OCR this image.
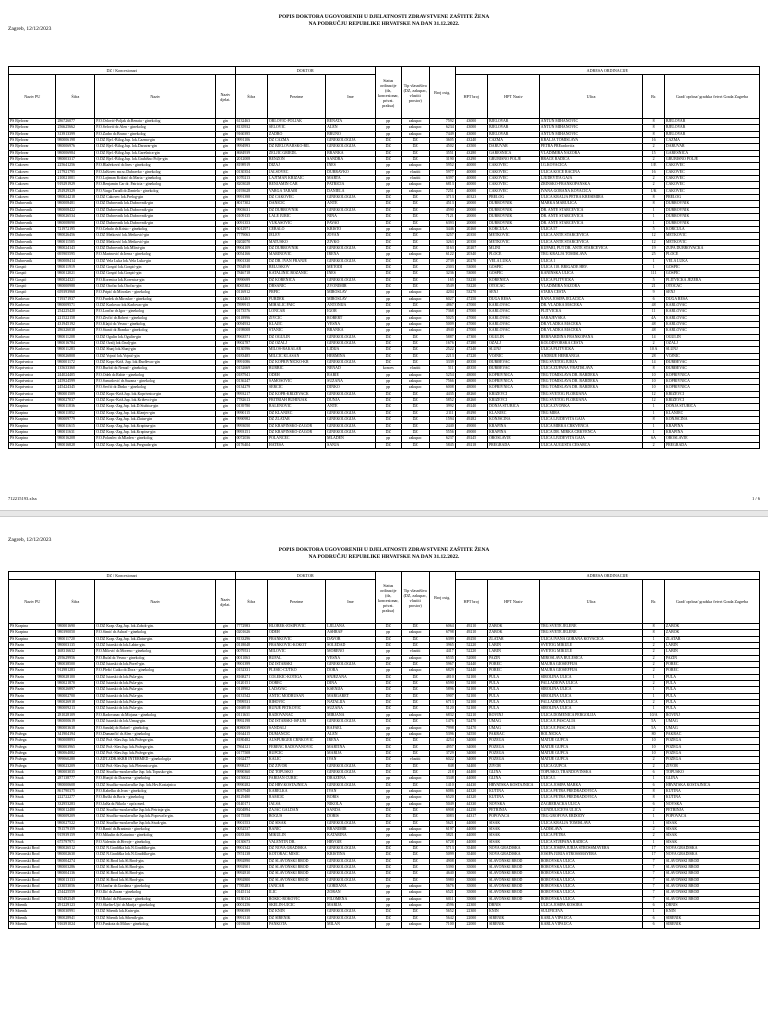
Zagreb, 12/12/2023
POPIS DOKTORA UGOVORENIH U DJELATNOSTI ZDRAVSTVENE ZAŠTITE ŽENA
NA PODRUČJU REPUBLIKE HRVATSKE NA DAN 31.12.2022.
DZ / Koncesionari				DOKTOR			Status ordinacije (dz, koncesionar, privat. praksa)	Tip vlasništva (DZ, zakupac, vlastiti prostor)	Broj osig.	ADRESA ORDINACIJE				
Naziv PU	Šifra	Naziv	Naziv djelat.	Šifra	Prezime	Ime				HPT broj	HPT Naziv	Ulica	Br.	Grad/ općina/ gradska četvrt Grada Zagreba
PS Bjelovar	286726077	P.O.Orlović-Poljak dr.Renata - ginekolog	gin	6132463	ORLOVIĆ-POLJAK	RENATA	pp	zakupac	7592	43000	BJELOVAR	ANTUN MIHANOVIĆ	8	BJELOVAR
PS Bjelovar	256625662	P.O.Selović dr.Alen - ginekolog	gin	8135932	SELOVIĆ	ALEN	pp	zakupac	6234	43000	BJELOVAR	ANTUN MIHANOVIĆ	8	BJELOVAR
PS Bjelovar	313913399	P.O.Zadro dr.Bruno - ginekolog	gin	9160395	ZADRO	BRUNO	pp	zakupac	7449	43000	BJELOVAR	ANTUN MIHANOVIĆ	8	BJELOVAR
PS Bjelovar	980006198	O.DZ Bjel.-Bilog.Jup. lok.Čazma-gin	gin	9991106	DZ ČAZMA	GINEKOLOGIJA	DZ	DZ	3605	43240	ČAZMA	KRALJA TOMISLAVA	16	ČAZMA
PS Bjelovar	980006976	O.DZ Bjel.-Bilog.Jup. lok.Daruvar-gin	gin	9994993	DZ BJELOVARSKO-BIL	GINEKOLOGIJA	DZ	DZ	4502	43500	DARUVAR	PETRA PREradovića	2	DARUVAR
PS Bjelovar	980006984	O.DZ Bjel.-Bilog.Jup. lok.Garešnica-gin	gin	8684939	ZELJIĆ GRIEDL	BRANKA	DZ	DZ	3551	43280	GAREŠNICA	VLADIMIRA NAZORA	15	GAREŠNICA
PS Bjelovar	980003317	O.DZ Bjel.-Bilog.Jup. lok.Grubišno Polje-gin	gin	2012008	BENZON	SANDRA	DZ	DZ	3190	43290	GRUBIŠNO POLJE	BRAĆE RADIĆA	2	GRUBIŠNO POLJE
PS Čakovec	225641256	P.O.Blažeković dr.Ines - ginekolog	gin	8198919	DIZAJ	INES	pp	zakupac	5952	40000	ČAKOVEC	I.G.KOVAČIĆA	1/E	ČAKOVEC
PS Čakovec	217921795	P.O.Jalšovec mr.sc.Dubravko - ginekolog	gin	0130354	JALŠOVEC	DUBRAVKO	pp	vlastiti	5977	40000	ČAKOVEC	ULICA KOCE RACINA	16	ČAKOVEC
PS Čakovec	210021001	P.O.Lajtman Križaić dr.Marta - ginekolog	gin	1070213	LAJTMAN KRIŽAIĆ	MARTA	pp	vlastiti	6397	40000	ČAKOVEC	LJUDEVITA GAJA	2	ČAKOVEC
PS Čakovec	919291929	P.O.Benjamin Car dr. Patricia - ginekolog	gin	8203028	BENJAMIN CAR	PATRICIA	pp	zakupac	6813	40000	ČAKOVEC	ZRINSKO-FRANKOPANSKA	2	ČAKOVEC
PS Čakovec	292929329	P.O.Varga Tarađi dr.Daniela - ginekolog	gin	0193628	VARGA TARAĐI	DANIELA	pp	zakupac	7251	40000	ČAKOVEC	IVANA GORANA KOVAČIĆA	1/K	ČAKOVEC
PS Čakovec	980024218	O.DZ Čakovec lok.Prelog-gin	gin	9991398	DZ ČAKOVEC	GINEKOLOGIJA	DZ	DZ	3713	40323	PRELOG	ULICA KRALJA PETRA KREŠIMIRA	8	PRELOG
PS Dubrovnik	980008481	O.DZ Dubrovnik lok.Dubrovnik-gin	gin	8017302	DANIČIĆ	ANTE	DZ	DZ	4513	20000	DUBROVNIK	MARKA MARULIĆA	8	DUBROVNIK
PS Dubrovnik	980008422	O.DZ Dubrovnik lok.Dubrovnik-gin	gin	9903631	DZ DUBROVNIK	GINEKOLOGIJA	DZ	DZ	4590	20000	DUBROVNIK	DR. ANTE STARČEVIĆA	1	DUBROVNIK
PS Dubrovnik	980026534	O.DZ Dubrovnik lok.Dubrovnik-gin	gin	0109135	LALE JURIĆ	NINA	DZ	DZ	7121	20000	DUBROVNIK	DR. ANTE STARČEVIĆA	1	DUBROVNIK
PS Dubrovnik	980008090	O.DZ Dubrovnik lok.Dubrovnik-gin	gin	0091353	VUKASOVIĆ	PAVAO	DZ	DZ	6393	20000	DUBROVNIK	DR. ANTE STARČEVIĆA	1	DUBROVNIK
PS Dubrovnik	721972195	P.O.Cebalo dr.Kristo - ginekolog	gin	6012971	ČEBALO	KRISTO	pp	zakupac	3446	20260	KORČULA	ULICA 57	5	KORČULA
PS Dubrovnik	980026456	O.DZ Metković lok.Metković-gin	gin	7779063	JELEV	JOVAN	DZ	DZ	3257	20350	METKOVIĆ	ULICA ANTE STARČEVIĆA	12	METKOVIĆ
PS Dubrovnik	980011505	O.DZ Metković lok.Metković-gin	gin	0202070	MATUŠKO	ZIVKO	DZ	DZ	3263	20350	METKOVIĆ	ULICA ANTE STARČEVIĆA	12	METKOVIĆ
PS Dubrovnik	980024143	O.DZ Dubrovnik lok.Mlini-gin	gin	9904109	DZ DUBROVNIK	GINEKOLOGIJA	DZ	DZ	3163	20207	MLINI	KUPARI, PUT DR. ANTE STARČEVIĆA	19	ŽUPA DUBROVAČKA
PS Dubrovnik	695905595	P.O.Marinović dr.Irena - ginekolog	gin	0054166	MARINOVIĆ	IRENA	pp	zakupac	6122	20340	PLOČE	TRG KRALJA TOMISLAVA	25	PLOČE
PS Dubrovnik	980008414	O.DZ Vela Luka lok.Vela Luka-gin	gin	9901330	DZ DR. IVAN FRANJE	GINEKOLOGIJA	DZ	DZ	2739	20270	VELA LUKA	ULICA 1	1	VELA LUKA
PS Gospić	980011919	O.DZ Gospić lok.Gospić-gin	gin	7834918	BELUŠKOV	METODI	DZ	DZ	2303	53000	GOSPIĆ	ULICA 118. BRIGADE HRV.	1	GOSPIĆ
PS Gospić	980012021	O.DZ Gospić lok.Gospić-gin	gin	7846718	KATALINIĆ BOŽANIĆ	INES	DZ	DZ	3236	53000	GOSPIĆ	KANINSKA ULICA	111	GOSPIĆ
PS Gospić	980024321	P.O.Korenica lok.Korenica-gin	gin	9990699	DZ KORENICA	GINEKOLOGIJA	DZ	DZ	165	53230	KORENICA	ULICA PLITVIČKA	5	PLITVIČKA JEZERA
PS Gospić	980000988	O.DZ Otočac lok.Otočac-gin	gin	8065302	DRŠANIĆ	ZVONIMIR	DZ	DZ	3549	53220	OTOČAC	VLADIMIRA NAZORA	21	OTOČAC
PS Gospić	659393968	P.O.Pripić dr.Miroslav - ginekolog	gin	0116912	PRPIĆ	MIROSLAV	pp	zakupac	4204	53270	SENJ	STARA CESTA	9	SENJ
PS Karlovac	719371937	P.O.Furdek dr.Miroslav - ginekolog	gin	0024463	FURDEK	MIROSLAV	pp	zakupac	6027	47250	DUGA RESA	BANA JOSIPA JELAČIĆA	6	DUGA RESA
PS Karlovac	980009571	O.DZ Karlovac lok.Karlovac-gin	gin	7899915	MIHALIĆ PAIĆ	ANTONIJA	DZ	DZ	4867	47000	KARLOVAC	DR. VLADKA MAČEKA	48	KARLOVAC
PS Karlovac	254225420	P.O.Lončar dr.Igor - ginekolog	gin	0173576	LONČAR	IGOR	pp	zakupac	7368	47000	KARLOVAC	PLITVIČKA	11	KARLOVAC
PS Karlovac	221522158	P.O.Živčić dr.Robert - ginekolog	gin	0118996	ŽIVČIĆ	ROBERT	pp	zakupac	5025	47000	KARLOVAC	SARAJEVSKA	4A	KARLOVAC
PS Karlovac	431945192	P.O.Klajić dr.Vesna - ginekolog	gin	0094932	KLAJIĆ	VESNA	pp	zakupac	5009	47000	KARLOVAC	DR.VLADKA MAČEKA	48	KARLOVAC
PS Karlovac	286326038	P.O.Stanić dr.Branka - ginekolog	gin	0198008	STANIĆ	BRANKA	pp	zakupac	4940	47000	KARLOVAC	DR.VLADKA MAČEKA	48	KARLOVAC
PS Karlovac	980011208	O.DZ Ogulin lok.Ogulin-gin	gin	9963571	DZ OGULIN	GINEKOLOGIJA	DZ	DZ	5887	47300	OGULIN	BERNARDINA FRANKOPANA	14	OGULIN
PS Karlovac	980016784	O.DZ Ozalj lok.Ozalj-gin	gin	9902787	DZ OZALJ	GINEKOLOGIJA	DZ	DZ	1676	47280	OZALJ	KOLODVORSKA CESTA	2	OZALJ
PS Karlovac	980011283	O.DZ Slunj lok.Slunj-gin	gin	8130596	MILOŠ-RAKALAR	LIDIJA	DZ	DZ	2522	47240	SLUNJ	ULICA PLITVIČKA	10 A	SLUNJ
PS Karlovac	980026808	O.DZ Vojnić lok.Vojnić-gin	gin	0183485	MILČIĆ KLASAN	HERMINA	DZ	DZ	2213	47220	VOJNIĆ	ANDRIJE HEBRANGA	28	VOJNIĆ
PS Koprivnica	980001172	O.DZ Kopr.-Križ. Jup. lok.Đurđevac-gin	gin	9991086	DZ KOPRIVNIČKO-KR	GINEKOLOGIJA	DZ	DZ	3339	48350	ĐURĐEVAC	TRG SVETOG JURJA	14	ĐURĐEVAC
PS Koprivnica	135633360	P.O.Burbić dr.Nenad - ginekolog	gin	0152669	BURBIĆ	NENAD	konces	vlastiti	511	48350	ĐURĐEVAC	ULICA ŽUPANA VRATISLAVA	8	ĐURĐEVAC
PS Koprivnica	244024405	P.O.Odeh dr.Rabie - ginekolog	gin	0187941	ODEH	RABIE	pp	zakupac	5254	48000	KOPRIVNICA	TRG TOMISLAVA DR. BARDEKA	10	KOPRIVNICA
PS Koprivnica	245924599	P.O.Samošović dr.Suzana - ginekolog	gin	0136247	SAMOŠOVIĆ	SUZANA	pp	zakupac	7566	48000	KOPRIVNICA	TRG TOMISLAVA DR. BARDEKA	10	KOPRIVNICA
PS Koprivnica	245424345	P.O.Šerčić dr.Dinko - ginekolog	gin	0134279	ŠERČIĆ	DINKO	pp	zakupac	6008	48000	KOPRIVNICA	TRG TOMISLAVA DR. BARDEKA	10	KOPRIVNICA
PS Koprivnica	980001509	O.DZ Kopr.-Križ.Jup. lok.Koprivnica-gin	gin	9993217	DZ KOPR-KRIŽEVACK	GINEKOLOGIJA	DZ	DZ	4435	48260	KRIŽEVCI	TRG SVETOG FLORIJANA	12	KRIŽEVCI
PS Koprivnica	980027037	O.DZ Kopr.-Križ.Jup. lok.Križevci-gin	gin	7782613	FRITRIAH BUHINJAK	DUNJA	DZ	DZ	5852	48260	KRIŽEVCI	TRG SVETOG FLORIJANA	12	KRIŽEVCI
PS Krapina	980011836	O.DZ Krap.-Zag.Jup. lok.D.Stubica-gin	gin	0139780	BALENOVIĆ	ANTE	DZ	DZ	3992	49240	DONJA STUBICA	ULICA ZVONKA	1	DONJA STUBICA
PS Krapina	980011852	O.DZ Krap.-Zag.Jup. lok.Klanjec-gin	gin	9990115	DZ KLANJEC	GINEKOLOGIJA	DZ	DZ	2111	49290	KLANJEC	TRG MIRA	1	KLANJEC
PS Krapina	980009779	O.DZ Krap.-Zag.Jup. lok.Zlatar-gin	gin	9990982	DZ ZLATAR	GINEKOLOGIJA	DZ	DZ	1594	49282	KONJŠČINA	ULICA LJUDEVITA GAJA	8	KONJŠČINA
PS Krapina	980011615	O.DZ Krap.-Zag.Jup. lok.Krapina-gin	gin	9993050	DZ KRAPINSKO-ZAGOR	GINEKOLOGIJA	DZ	DZ	2440	49000	KRAPINA	ULICA MIRKA CRKVENCA	1	KRAPINA
PS Krapina	980011631	O.DZ Krap.-Zag.Jup. lok.Krapina-gin	gin	9993151	DZ KRAPINSKO-ZAGOR	GINEKOLOGIJA	DZ	DZ	5556	49000	KRAPINA	ULICA DR. MIRKA CRKVENCA	1	KRAPINA
PS Krapina	980016208	P.O.Polančec dr.Mladen - ginekolog	gin	0072036	POLANČEC	MLADEN	pp	zakupac	6237	49245	OROSLAVJE	ULICA LJUDEVITA GAJA	6A	OROSLAVJE
PS Krapina	980016828	O.DZ Krap.-Zag.Jup. lok.Pregrada-gin	gin	0176404	HATESA	SANJA	DZ	DZ	5845	49218	PREGRADA	ULICA AUGUSTA CESARCA	2	PREGRADA
712215193.xlsx	1 / 6
Zagreb, 12/12/2023
POPIS DOKTORA UGOVORENIH U DJELATNOSTI ZDRAVSTVENE ZAŠTITE ŽENA
NA PODRUČJU REPUBLIKE HRVATSKE NA DAN 31.12.2022.
DZ / Koncesionari				DOKTOR			Status ordinacije (dz, koncesionar, privat. praksa)	Tip vlasništva (DZ, zakupac, vlastiti prostor)	Broj osig.	ADRESA ORDINACIJE				
Naziv PU	Šifra	Naziv	Naziv djelat.	Šifra	Prezime	Ime				HPT broj	HPT Naziv	Ulica	Br.	Grad/ općina/ gradska četvrt Grada Zagreba
PS Krapina	980001690	O.DZ Krap.-Zag.Jup. lok.Zabok-gin.	gin	7772983	HLOBEK-JOSIPOVIĆ	LJILJANA	DZ	DZ	6064	49210	ZABOK	TRG SVETE JELENE	8	ZABOK
PS Krapina	980390050	P.O.Šimić dr.Ashraf - ginekolog	gin	0201626	ODEH	ASHRAF	pp	zakupac	6798	49210	ZABOK	TRG SVETE JELENE	8	ZABOK
PS Krapina	980011720	O.DZ Krap.-Zag.Jup. lok.Zlatar-gin.	gin	8133296	FRANKOVIĆ	DAVOR	DZ	DZ	6399	49250	ZLATAR	ULICA IVANA GORANA KOVAČIĆA	1	ZLATAR
PS Pazin	980003135	O.DZ Istarski dz lok.Labin-gin.	gin	0118048	FRANKOVIĆ-KOKOT	SOLEDAD	DZ	DZ	3965	52220	LABIN	SVETOG MIKULE	2	LABIN
PS Pazin	468316632	P.O.Milović dr.Moreno - ginekolog	gin	0079531	MILOVIĆ	MORENO	pp	vlastiti	4417	52220	LABIN	SVETOG MIKULE	2	LABIN
PS Pazin	295629956	P.O.Bufal dr.Vesna - ginekolog	gin	0011063	BUFAL	VESNA	pp	zakupac	6535	52000	PAZIN	MIROSLAVA BULEŠIĆA	2	PAZIN
PS Pazin	980038500	O.DZ Istarski dz lok.Poreč-gin.	gin	9901399	DZ ISTARSKI	GINEKOLOGIJA	DZ	DZ	5967	52440	POREČ	MAURA GIOSEFFIJA	2	POREČ
PS Pazin	912981283	P.O.Plešić Čutko dr.Dora - ginekolog	gin	0152331	PLEŠIĆ-ČUTKO	DORA	pp	zakupac	6829	52440	POREČ	MAURA GIOSEFFIJA	2	POREČ
PS Pazin	980028100	O.DZ Istarski dz lok.Pula-gin.	gin	8168271	ČOLEKIĆ-KOTIGA	SNJEŽANA	DZ	DZ	4810	52100	PULA	SIROLINA ULICA	1	PULA
PS Pazin	980021870	O.DZ Istarski dz lok.Pula-gin.	gin	0120151	DOBEC	DINA	DZ	DZ	6590	52100	PULA	PALLADIOVA ULICA	2	PULA
PS Pazin	980026897	O.DZ Istarski dz lok.Pula-gin.	gin	0118902	LADAVAC	KSENIJA	DZ	DZ	5896	52100	PULA	SIROLINA ULICA	1	PULA
PS Pazin	980002700	O.DZ Istarski dz lok.Pula-gin.	gin	0131542	ANTIĆ MODRUŠAN	MARGARET	DZ	DZ	5907	52100	PULA	SIROLINA ULICA	1	PULA
PS Pazin	980026918	O.DZ Istarski dz lok.Pula-gin.	gin	7899531	RIHOVIĆ	NATALIJA	DZ	DZ	6713	52100	PULA	PALLADIOVA ULICA	2	PULA
PS Pazin	980009213	O.DZ Istarski dz lok.Pula-gin.	gin	0168918	RUNJE PETKOVIĆ	SUZANA	DZ	DZ	5120	52100	PULA	SIROLINA ULICA	1	PULA
PS Pazin	281028109	P.O.Radovanac dr.Mirjana - ginekolog	gin	0111631	RADOVANAC	MIRJANA	pp	zakupac	6832	52210	ROVINJ	ULICA DOMENICA PERGOLIJA	10/A	ROVINJ
PS Pazin	980000619	O.DZ Istarski dz lok.Umag-gin.	gin	9992198	DZ ISTARSKI-ISP.UM	GINEKOLOGIJA	DZ	DZ	1476	52470	UMAG	ULICA E.PASCALIA	5A	UMAG
PS Pazin	980003638	P.O.Sandalj dr.Rafael - ginekolog	gin	8080039	SANDALJ	RAFAEL	pp	zakupac	7998	52470	UMAG	ULICA E.PASCALIA	5A	UMAG
PS Požega	341904194	P.O.Dumančić dr.Alen - ginekolog	gin	0164415	DUMANČIĆ	ALEN	pp	zakupac	5396	34550	PAKRAC	BOLNIČKA	80	PAKRAC
PS Požega	980008893	O.DZ Pož.-Slav.Jup. lok.Požega-gin.	gin	8180482	AUSPURGER CRNKOVIĆ	IRENA	DZ	DZ	4254	34000	POŽEGA	MATIJE GUPCA	10	POŽEGA
PS Požega	980003965	O.DZ Pož.-Slav.Jup. lok.Požega-gin.	gin	7864121	FERENC RADOVANOVIĆ	MARTINA	DZ	DZ	4957	34000	POŽEGA	MATIJE GUPCA	10	POŽEGA
PS Požega	980064082	O.DZ Pož.-Slav.Jup. lok.Požega-gin.	gin	0177508	RUPČIĆ	MARIJA	DZ	DZ	3729	34000	POŽEGA	MATIJE GUPCA	10	POŽEGA
PS Požega	999060280	O.ZDT.ZDR.SKRB INTERMED - ginekologija	gin	0162477	KALIĆ	IVAN	DZ	vlastiti	6022	34000	POŽEGA	MATIJE GUPCA	2	POŽEGA
PS Požega	980023209	O.DZ Pož.-Slav.Jup. lok.Pleternica-gin.	gin	9998237	DZ ŽIVOR	GINEKOLOGIJA	DZ	DZ	848	34400	ŽIVOR	ULICA GUPCA	2	ŽIVOR
PS Sisak	980003035	O.DZ Sisačko-moslavačke Jup. lok.Topusko-gin.	gin	9990360	DZ TOPUSKO	GINEKOLOGIJA	DZ	DZ	218	44400	GLINA	TOPUSKO, TRANDOVINSKA	6	TOPUSKO
PS Sisak	287138777	P.O.Hunjić dr.Drazena - ginekolog	gin	0150022	FABIJAN CURIĆ	DRAŽENA	pp	zakupac	3348	44000	GLINA	ULICA I.	1	GLINA
PS Sisak	980000608	O.DZ Sisačko-moslavačke Jup. lok.Hrv.Kostajnica	gin	9990282	DZ HRV.KOSTAJNICA	GINEKOLOGIJA	DZ	DZ	1410	44430	HRVATSKA KOSTAJNICA	ULICA JOSIPA MARKA	6	HRVATSKA KOSTAJNICA
PS Sisak	861790375	P.O.Kabelka dr.Ivan - ginekolog	gin	8037948	KABELKA	IVAN	pp	zakupac	6086	44320	KUTINA	ULICA PETRA PREDRADOVIĆA	8	KUTINA
PS Sisak	222722277	P.O.Ruški dr.Boris - ginekolog	gin	8129480	RAMČIĆ	BORIS	pp	zakupac	6520	44320	KUTINA	ULICA PETRA PREDRADOVIĆA	8	KUTINA
PS Sisak	332953283	P.O.Jalša dr.Nikola - opća med.	gin	0140171	JALŠA	NIKOLA	pp	zakupac	5049	44330	NOVSKA	ZAGREBAČKA ULICA	6	NOVSKA
PS Sisak	980012480	O.DZ Sisačko-moslavačke Jup.lok.Petrinja-gin.	gin	8204894	ZAJAC GALDAN	SANDA	DZ	DZ	6908	44250	PETRINJA	GUNDULIČEVA ULICA	2	PETRINJA
PS Sisak	980009209	O.DZ Sisačko-moslavačke Jup.lok.Popovača-gin.	gin	0175558	BOGUŠ	DORIS	DZ	DZ	3083	44317	POPOVAČA	TRG GROFOVA ERDODY	1	POPOVAČA
PS Sisak	980027522	O.DZ Sisačko-moslavačke Jup.lok.Sisak-gin.	gin	9901553	DZ SISAK	GINEKOLOGIJA	DZ	DZ	5621	44000	SISAK	ULICA KRALJA TOMISLAVA	1	SISAK
PS Sisak	781579159	P.O.Banić dr.Branimir - ginekolog	gin	0052537	BANIĆ	BRANIMIR	pp	zakupac	6197	44000	SISAK	LADISLAVA	2	SISAK
PS Sisak	915939159	P.O.Mikulin dr.Katarina - ginekolog	gin	0183106	MIKULIN	KATARINA	pp	zakupac	5821	44000	SISAK	ULICA PETRA	2	SISAK
PS Sisak	675797971	P.O.Valentin dr.Hrvoje - ginekolog	gin	0130673	VALENTIN DR.	HRVOJE	pp	zakupac	6728	44000	SISAK	ULICA STJEPANA RADIĆA	1	SISAK
PS Slavonski Brod	980026512	O.DZ N.Gradiška lok.N.Gradiška-gin.	gin	9901342	DZ NOVA GRADIŠKA	GINEKOLOGIJA	DZ	DZ	5713	35400	NOVA GRADIŠKA	ULICA JOSIPA JURJA STROSSMAYERA	17	NOVA GRADIŠKA
PS Slavonski Brod	980002630	O.DZ N.Gradiška lok.N.Gradiška-gin.	gin	7874138	KOTORAC MIŠIĆ	KRISTINA	DZ	DZ	5099	35400	NOVA GRADIŠKA	JOSIPA JURJA STROSSMAYERA	17	NOVA GRADIŠKA
PS Slavonski Brod	980004274	O.DZ Sl.Brod lok.Sl.Brod-gin.	gin	9992890	DZ SLAVONSKI BROD	GINEKOLOGIJA	DZ	DZ	4908	35000	SLAVONSKI BROD	BOROVSKA ULICA	7	SLAVONSKI BROD
PS Slavonski Brod	980003286	O.DZ Sl.Brod lok.Sl.Brod-gin.	gin	9992901	DZ SLAVONSKI BROD	GINEKOLOGIJA	DZ	DZ	5390	35000	SLAVONSKI BROD	BOROVSKA ULICA	7	SLAVONSKI BROD
PS Slavonski Brod	980004136	O.DZ Sl.Brod lok.Sl.Brod-gin.	gin	9992810	DZ SLAVONSKI BROD	GINEKOLOGIJA	DZ	DZ	4640	35000	SLAVONSKI BROD	BOROVSKA ULICA	7	SLAVONSKI BROD
PS Slavonski Brod	980013133	O.DZ Sl.Brod lok.Sl.Brod-gin.	gin	9992800	DZ SLAVONSKI BROD	GINEKOLOGIJA	DZ	DZ	5980	35000	SLAVONSKI BROD	BOROVSKA ULICA	7	SLAVONSKI BROD
PS Slavonski Brod	233053056	P.O.Jančar dr.Gordana - ginekolog	gin	7785283	JANČAR	GORDANA	pp	zakupac	5676	35000	SLAVONSKI BROD	BOROVSKA ULICA	7	SLAVONSKI BROD
PS Slavonski Brod	254425559	P.O.Ilić dr.Zoran - ginekolog	gin	0145114	ILIĆ	ZORAN	pp	zakupac	6521	35000	SLAVONSKI BROD	BOROVSKA ULICA	7	SLAVONSKI BROD
PS Slavonski Brod	925492549	P.O.Rokić dr.Filomena - ginekolog	gin	8130134	ROKIĆ-ROKOVIĆ	FILOMENA	pp	zakupac	6011	35000	SLAVONSKI BROD	BOROVSKA ULICA	7	SLAVONSKI BROD
PS Šibenik	291229123	P.O.Škelin-Ujić dr.Marija - ginekolog	gin	0001256	ŠKELIN-UJČIĆ	MARIJA	pp	zakupac	4596	22300	DRNIŠ	ULICA JOSIPA KOSORA	6	DRNIŠ
PS Šibenik	980030991	O.DZ Šibenik lok.Knin-gin.	gin	9990399	DZ KNIN	GINEKOLOGIJA	DZ	DZ	5652	22300	KNIN	ŠULIPICEVA	1	KNIN
PS Šibenik	980028941	O.DZ Šibenik lok.Šibenik-gin.	gin	9991310	DZ ŠIBENIK	GINEKOLOGIJA	DZ	DZ	5642	22000	ŠIBENIK	KARLA VIPAUCA	6	ŠIBENIK
PS Šibenik	916391024	P.O.Pankota dr.Milan - ginekolog	gin	0193638	PANKOTA	MILAN	pp	zakupac	7100	22000	ŠIBENIK	KARLA VIPAUCA	6	ŠIBENIK
